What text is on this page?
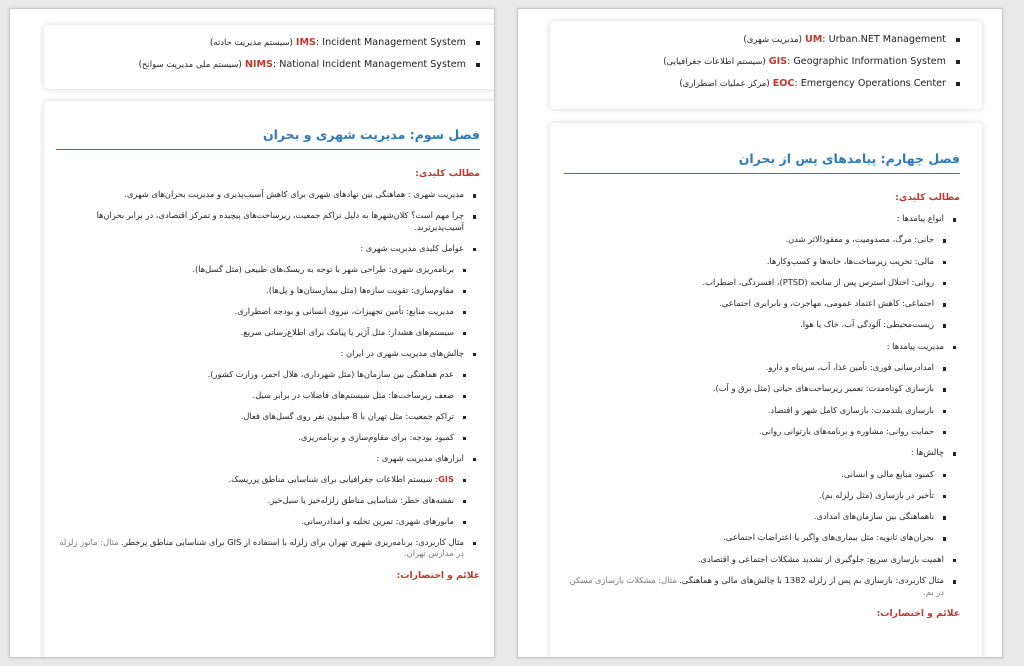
(سیستم مدیریت حادثه) IMS: Incident Management System
(سیستم ملی مدیریت سوانح) NIMS: National Incident Management System
فصل سوم: مدیریت شهری و بحران
مطالب کلیدی:
مدیریت شهری : هماهنگی بین نهادهای شهری برای کاهش آسیب‌پذیری و مدیریت بحران‌های شهری.
چرا مهم است؟ کلان‌شهرها به دلیل تراکم جمعیت، زیرساخت‌های پیچیده و تمرکز اقتصادی، در برابر بحران‌ها آسیب‌پذیرترند.
عوامل کلیدی مدیریت شهری :
برنامه‌ریزی شهری: طراحی شهر با توجه به ریسک‌های طبیعی (مثل گسل‌ها).
مقاوم‌سازی: تقویت سازه‌ها (مثل بیمارستان‌ها و پل‌ها).
مدیریت منابع: تأمین تجهیزات، نیروی انسانی و بودجه اضطراری.
سیستم‌های هشدار: مثل آژیر یا پیامک برای اطلاع‌رسانی سریع.
چالش‌های مدیریت شهری در ایران :
عدم هماهنگی بین سازمان‌ها (مثل شهرداری، هلال احمر، وزارت کشور).
ضعف زیرساخت‌ها: مثل سیستم‌های فاضلاب در برابر سیل.
تراکم جمعیت: مثل تهران با 8 میلیون نفر روی گسل‌های فعال.
کمبود بودجه: برای مقاوم‌سازی و برنامه‌ریزی.
ابزارهای مدیریت شهری :
GIS: سیستم اطلاعات جغرافیایی برای شناسایی مناطق پرریسک.
نقشه‌های خطر: شناسایی مناطق زلزله‌خیز یا سیل‌خیز.
مانورهای شهری: تمرین تخلیه و امدادرسانی.
مثال کاربردی: برنامه‌ریزی شهری تهران برای زلزله با استفاده از GIS برای شناسایی مناطق پرخطر. مثال: مانور زلزله در مدارس تهران.
علائم و اختصارات:
(مدیریت شهری) UM: Urban.NET Management
(سیستم اطلاعات جغرافیایی) GIS: Geographic Information System
(مرکز عملیات اضطراری) EOC: Emergency Operations Center
فصل چهارم: پیامدهای پس از بحران
مطالب کلیدی:
انواع پیامدها :
جانی: مرگ، مصدومیت، و مفقودالاثر شدن.
مالی: تخریب زیرساخت‌ها، خانه‌ها و کسب‌وکارها.
روانی: اختلال استرس پس از سانحه (PTSD)، افسردگی، اضطراب.
اجتماعی: کاهش اعتماد عمومی، مهاجرت، و نابرابری اجتماعی.
زیست‌محیطی: آلودگی آب، خاک یا هوا.
مدیریت پیامدها :
امدادرسانی فوری: تأمین غذا، آب، سرپناه و دارو.
بازسازی کوتاه‌مدت: تعمیر زیرساخت‌های حیاتی (مثل برق و آب).
بازسازی بلندمدت: بازسازی کامل شهر و اقتصاد.
حمایت روانی: مشاوره و برنامه‌های بازتوانی روانی.
چالش‌ها :
کمبود منابع مالی و انسانی.
تأخیر در بازسازی (مثل زلزله بم).
ناهماهنگی بین سازمان‌های امدادی.
بحران‌های ثانویه: مثل بیماری‌های واگیر یا اعتراضات اجتماعی.
اهمیت بازسازی سریع: جلوگیری از تشدید مشکلات اجتماعی و اقتصادی.
مثال کاربردی: بازسازی بم پس از زلزله 1382 با چالش‌های مالی و هماهنگی. مثال: مشکلات بازسازی مسکن در بم.
علائم و اختصارات:
